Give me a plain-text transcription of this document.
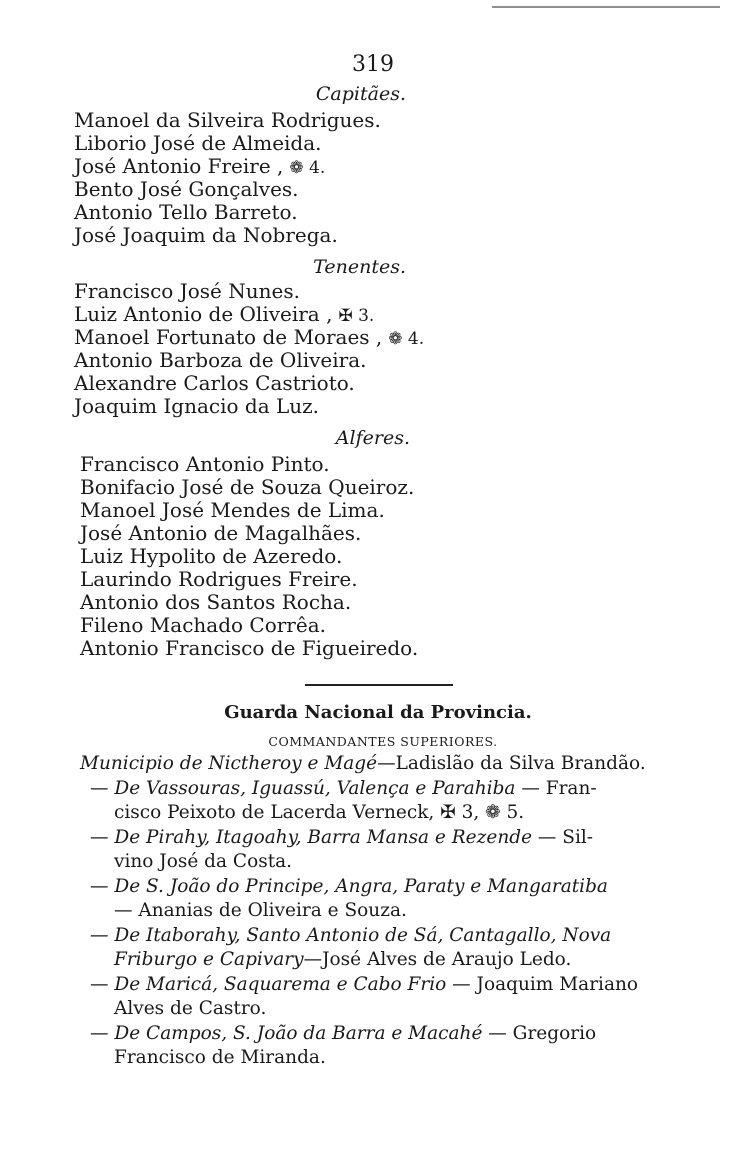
319
Capitães.
Manoel da Silveira Rodrigues.
Liborio José de Almeida.
José Antonio Freire , ❁ 4.
Bento José Gonçalves.
Antonio Tello Barreto.
José Joaquim da Nobrega.
Tenentes.
Francisco José Nunes.
Luiz Antonio de Oliveira , ✠ 3.
Manoel Fortunato de Moraes , ❁ 4.
Antonio Barboza de Oliveira.
Alexandre Carlos Castrioto.
Joaquim Ignacio da Luz.
Alferes.
Francisco Antonio Pinto.
Bonifacio José de Souza Queiroz.
Manoel José Mendes de Lima.
José Antonio de Magalhães.
Luiz Hypolito de Azeredo.
Laurindo Rodrigues Freire.
Antonio dos Santos Rocha.
Fileno Machado Corrêa.
Antonio Francisco de Figueiredo.
Guarda Nacional da Provincia.
COMMANDANTES SUPERIORES.
Municipio de Nictheroy e Magé—Ladislão da Silva Brandão.
— De Vassouras, Iguassú, Valença e Parahiba — Fran-
cisco Peixoto de Lacerda Verneck, ✠ 3, ❁ 5.
— De Pirahy, Itagoahy, Barra Mansa e Rezende — Sil-
vino José da Costa.
— De S. João do Principe, Angra, Paraty e Mangaratiba
— Ananias de Oliveira e Souza.
— De Itaborahy, Santo Antonio de Sá, Cantagallo, Nova
Friburgo e Capivary—José Alves de Araujo Ledo.
— De Maricá, Saquarema e Cabo Frio — Joaquim Mariano
Alves de Castro.
— De Campos, S. João da Barra e Macahé — Gregorio
Francisco de Miranda.
